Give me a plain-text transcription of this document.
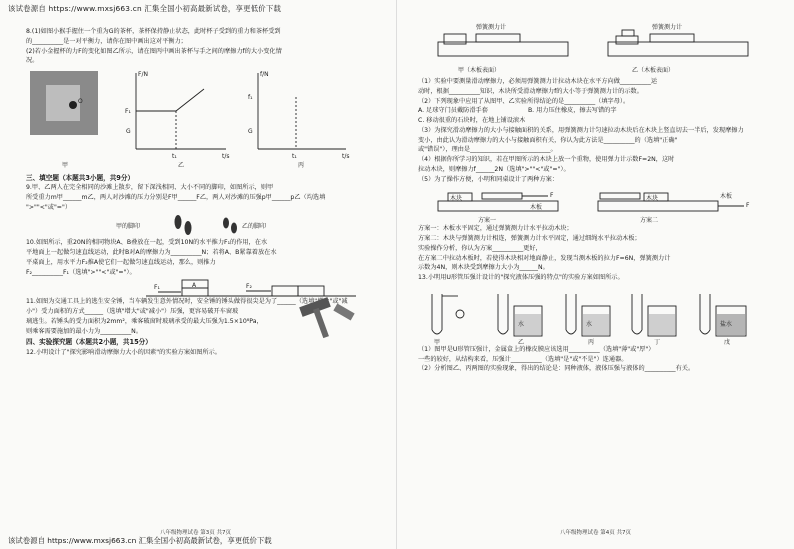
该试卷源自 https://www.mxsj663.cn 汇集全国小初高最新试卷，享更低价下载

8.(1)如图小猴手握住一个重为G的茶杯，茶杯保持静止状态，此时杯子受到的重力和茶杯受到

的__________是一对平衡力，请你在图中画出这对平衡力；

(2)若小金握杯的力F的变化如图乙所示，请在图丙中画出茶杯与手之间的摩擦力f的大小变化情

况。

O
F/N
F₁
G
t₁	t/s
f/N
f₁
G
t₁	t/s
甲	乙	丙

三、填空题（本题共3小题，共9分）

9.甲、乙两人在完全相同的沙滩上散步，留下深浅相同、大小不同的脚印，如图所示，则甲

所受重力m甲______m乙，两人对沙滩的压力分别是F甲______F乙，两人对沙滩的压强p甲______p乙（均选填

">""<"或"="）

甲的脚印	乙的脚印

10.如图所示，重20N的相同物块A、B叠放在一起，受到10N的水平推力F₁的作用，在水

平地面上一起做匀速直线运动，此时B对A的摩擦力为__________N；若将A、B紧靠着放在水

平桌面上，用水平力F₂推A使它们一起做匀速直线运动，那么，则推力

F₂__________F₁（选填">""<"或"="）。

A
F₁	F₂

11.如图为交通工具上的逃生安全锤，当车辆发生意外情况时，安全锤的锤头做得很尖是为了______（选填"增大"或"减

小"）受力面积的方式______（选填"增大"或"减小"）压强，更容易破开车窗玻

璃逃生。若锤头的受力面积为2mm²，乘客破窗时玻璃承受的最大压强为1.5×10⁸Pa，

则乘客需要施加的最小力为__________N。

四、实验探究题（本题共2小题，共15分）

12.小明设计了"探究影响滑动摩擦力大小的因素"的实验方案如图所示。

八年级物理试卷 第3页 共7页
弹簧测力计
甲（木板表面）
弹簧测力计
乙（木板表面）

（1）实验中要测量滑动摩擦力，必须用弹簧测力计拉动木块在水平方向做__________运

动时，根据__________知识，木块所受滑动摩擦力f的大小等于弹簧测力计的示数。

（2）下列现象中应用了从图甲、乙实验所得结论的是__________（填字母）。

A. 足球守门员戴防滑手套	B. 用力压住橡皮，擦去写错的字

C. 移动很重的石块时，在地上铺设滚木

（3）为探究滑动摩擦力的大小与接触面积的关系，用弹簧测力计匀速拉动木块后在木块上竖直切去一半后，发现摩擦力

变小，由此认为滑动摩擦力的大小与接触面积有关，你认为此方法是__________的（选填"正确"

或"错误"），理由是__________________________。

（4）根据你所学习的知识，若在甲图所示的木块上放一个重物，使用弹力计示数F=2N，这时

拉动木块，则摩擦力f______2N（选填">""<"或"="）。

（5）为了操作方便，小明和同桌设计了两种方案：

木块	F
木板
方案一
木块
F
木板
方案二

方案一：木板水平固定，通过弹簧测力计水平拉动木块；

方案二：木块与弹簧测力计相连，弹簧测力计水平固定，通过细绳水平拉动木板；

实验操作分析，你认为方案__________更好，

在方案二中拉动木板时，若使得木块相对地面静止，发现当测木板的拉力F=6N，弹簧测力计

示数为4N，则木块受到摩擦力大小为______N。

13.小明用U形管压强计设计的"探究液体压强的特点"的实验方案如图所示。

甲
水
乙
水
丙	丁
盐水
戊

（1）图甲是U形管压强计，金属盒上的橡皮膜应该选用__________（选填"薄"或"厚"）

一些的较好，从结构来看，压强计__________（选填"是"或"不是"）连通器。

（2）分析图乙、丙两图的实验现象，得出的结论是：同种液体，液体压强与液体的__________有关。

八年级物理试卷 第4页 共7页
该试卷源自 https://www.mxsj663.cn 汇集全国小初高最新试卷，享更低价下载
